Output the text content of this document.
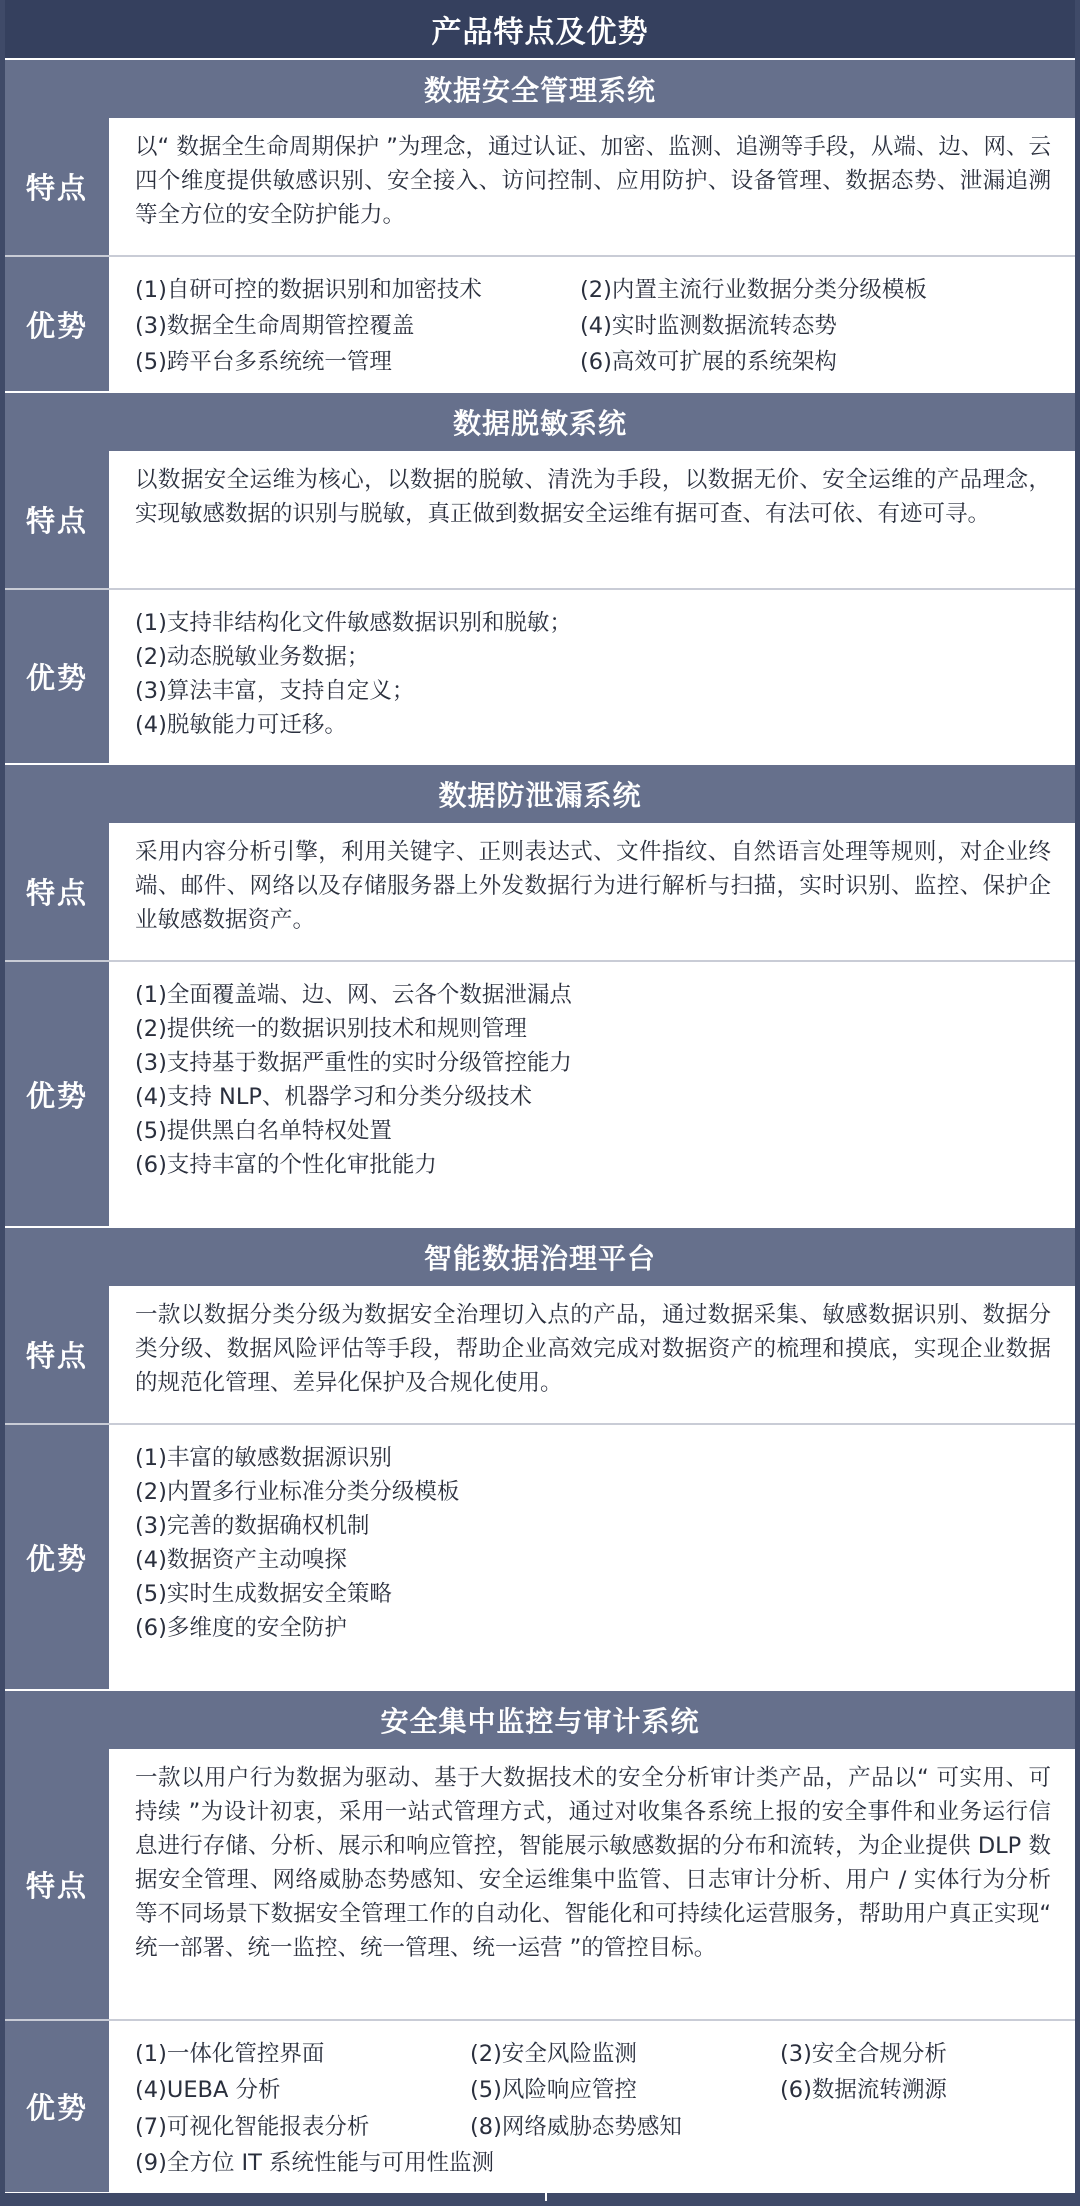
产品特点及优势
数据安全管理系统
特点
以“ 数据全生命周期保护 ”为理念，通过认证、加密、监测、追溯等手段，从端、边、网、云四个维度提供敏感识别、安全接入、访问控制、应用防护、设备管理、数据态势、泄漏追溯等全方位的安全防护能力。
优势
(1)自研可控的数据识别和加密技术	(2)内置主流行业数据分类分级模板
(3)数据全生命周期管控覆盖	(4)实时监测数据流转态势
(5)跨平台多系统统一管理	(6)高效可扩展的系统架构
数据脱敏系统
特点
以数据安全运维为核心，以数据的脱敏、清洗为手段，以数据无价、安全运维的产品理念，实现敏感数据的识别与脱敏，真正做到数据安全运维有据可查、有法可依、有迹可寻。
优势
(1)支持非结构化文件敏感数据识别和脱敏；
(2)动态脱敏业务数据；
(3)算法丰富，支持自定义；
(4)脱敏能力可迁移。
数据防泄漏系统
特点
采用内容分析引擎，利用关键字、正则表达式、文件指纹、自然语言处理等规则，对企业终端、邮件、网络以及存储服务器上外发数据行为进行解析与扫描，实时识别、监控、保护企业敏感数据资产。
优势
(1)全面覆盖端、边、网、云各个数据泄漏点
(2)提供统一的数据识别技术和规则管理
(3)支持基于数据严重性的实时分级管控能力
(4)支持 NLP、机器学习和分类分级技术
(5)提供黑白名单特权处置
(6)支持丰富的个性化审批能力
智能数据治理平台
特点
一款以数据分类分级为数据安全治理切入点的产品，通过数据采集、敏感数据识别、数据分类分级、数据风险评估等手段，帮助企业高效完成对数据资产的梳理和摸底，实现企业数据的规范化管理、差异化保护及合规化使用。
优势
(1)丰富的敏感数据源识别
(2)内置多行业标准分类分级模板
(3)完善的数据确权机制
(4)数据资产主动嗅探
(5)实时生成数据安全策略
(6)多维度的安全防护
安全集中监控与审计系统
特点
一款以用户行为数据为驱动、基于大数据技术的安全分析审计类产品，产品以“ 可实用、可持续 ”为设计初衷，采用一站式管理方式，通过对收集各系统上报的安全事件和业务运行信息进行存储、分析、展示和响应管控，智能展示敏感数据的分布和流转，为企业提供 DLP 数据安全管理、网络威胁态势感知、安全运维集中监管、日志审计分析、用户 / 实体行为分析等不同场景下数据安全管理工作的自动化、智能化和可持续化运营服务，帮助用户真正实现“ 统一部署、统一监控、统一管理、统一运营 ”的管控目标。
优势
(1)一体化管控界面	(2)安全风险监测	(3)安全合规分析
(4)UEBA 分析	(5)风险响应管控	(6)数据流转溯源
(7)可视化智能报表分析	(8)网络威胁态势感知
(9)全方位 IT 系统性能与可用性监测
